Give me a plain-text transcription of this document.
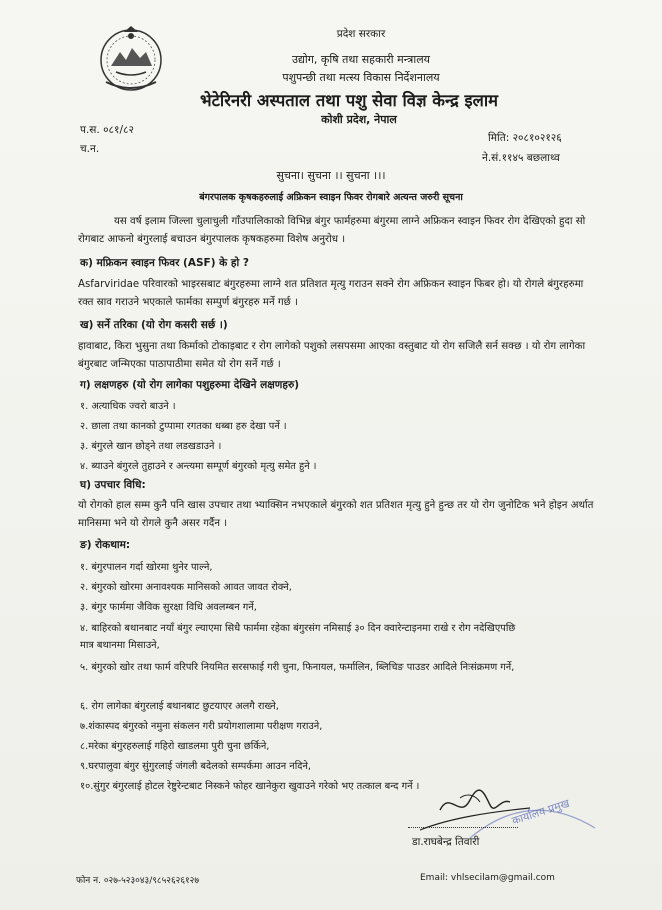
प्रदेश सरकार
उद्योग, कृषि तथा सहकारी मन्त्रालय
पशुपन्छी तथा मत्स्य विकास निर्देशनालय
भेटेरिनरी अस्पताल तथा पशु सेवा विज्ञ केन्द्र इलाम
कोशी प्रदेश, नेपाल
प.स. ०८१/८२
च.न.
मिति: २०८१०२१२६
ने.सं.११४५ बछलाथ्व
सुचना। सुचना ।। सुचना ।।।
बंगरपालक कृषकहरुलाई अफ्रिकन स्वाइन फिवर रोगबारे अत्यन्त जरुरी सूचना
यस वर्ष इलाम जिल्ला चुलाचुली गाँउपालिकाको विभिन्न बंगुर फार्महरुमा बंगुरमा लाग्ने अफ्रिकन स्वाइन फिवर रोग देखिएको हुदा सो रोगबाट आफनो बंगुरलाई बचाउन बंगुरपालक कृषकहरुमा विशेष अनुरोध ।
क) मफ्रिकन स्वाइन फिवर (ASF) के हो ?
Asfarviridae परिवारको भाइरसबाट बंगुरहरुमा लाग्ने शत प्रतिशत मृत्यु गराउन सक्ने रोग अफ्रिकन स्वाइन फिबर हो। यो रोगले बंगुरहरुमा रक्त स्राव गराउने भएकाले फार्मका सम्पुर्ण बंगुरहरु मर्ने गर्छ ।
ख) सर्ने तरिका (यो रोग कसरी सर्छ ।)
हावाबाट, किरा भुसुना तथा किर्माको टोकाइबाट र रोग लागेको पशुको लसपसमा आएका वस्तुबाट यो रोग सजिलै सर्न सक्छ । यो रोग लागेका बंगुरबाट जन्मिएका पाठापाठीमा समेत यो रोग सर्ने गर्छ ।
ग) लक्षणहरु (यो रोग लागेका पशुहरुमा देखिने लक्षणहरु)
१. अत्याधिक ज्वरो बाउने ।
२. छाला तथा कानको टुप्पामा रगतका धब्बा हरु देखा पर्ने ।
३. बंगुरले खान छोड्ने तथा लडखडाउने ।
४. ब्याउने बंगुरले तुहाउने र अन्त्यमा सम्पूर्ण बंगुरको मृत्यु समेत हुने ।
घ) उपचार विधि:
यो रोगको हाल सम्म कुनै पनि खास उपचार तथा भ्याक्सिन नभएकाले बंगुरको शत प्रतिशत मृत्यु हुने हुन्छ तर यो रोग जुनोटिक भने होइन अर्थात मानिसमा भने यो रोगले कुनै असर गर्दैन ।
ङ) रोकथाम:
१. बंगुरपालन गर्दा खोरमा थुनेर पाल्ने,
२. बंगुरको खोरमा अनावश्यक मानिसको आवत जावत रोक्ने,
३. बंगुर फार्ममा जैविक सुरक्षा विधि अवलम्बन गर्ने,
४. बाहिरको बथानबाट नयाँ बंगुर ल्याएमा सिधै फार्ममा रहेका बंगुरसंग नमिसाई ३० दिन क्वारेन्टाइनमा राखे र रोग नदेखिएपछि मात्र बथानमा मिसाउने,
५. बंगुरको खोर तथा फार्म वरिपरि नियमित सरसफाई गरी चुना, फिनायल, फर्मालिन, ब्लिचिङ पाउडर आदिले निःसंक्रमण गर्ने,
६. रोग लागेका बंगुरलाई बथानबाट छुटयाएर अलगै राख्ने,
७.शंकास्पद बंगुरको नमुना संकलन गरी प्रयोगशालामा परीक्षण गराउने,
८.मरेका बंगुरहरुलाई गहिरो खाडलमा पुरी चुना छर्किने,
९.घरपालुवा बंगुर सुंगुरलाई जंगली बदेलको सम्पर्कमा आउन नदिने,
१०.सुंगुर बंगुरलाई होटल रेष्टुरेन्टबाट निस्कने फोहर खानेकुरा खुवाउने गरेको भए तत्काल बन्द गर्ने ।
कार्यालय प्रमुख
डा.राघबेन्द्र तिवारी
फोन न. ०२७-५२३०४३/९८५२६२६१२७	Email: vhlsecilam@gmail.com
